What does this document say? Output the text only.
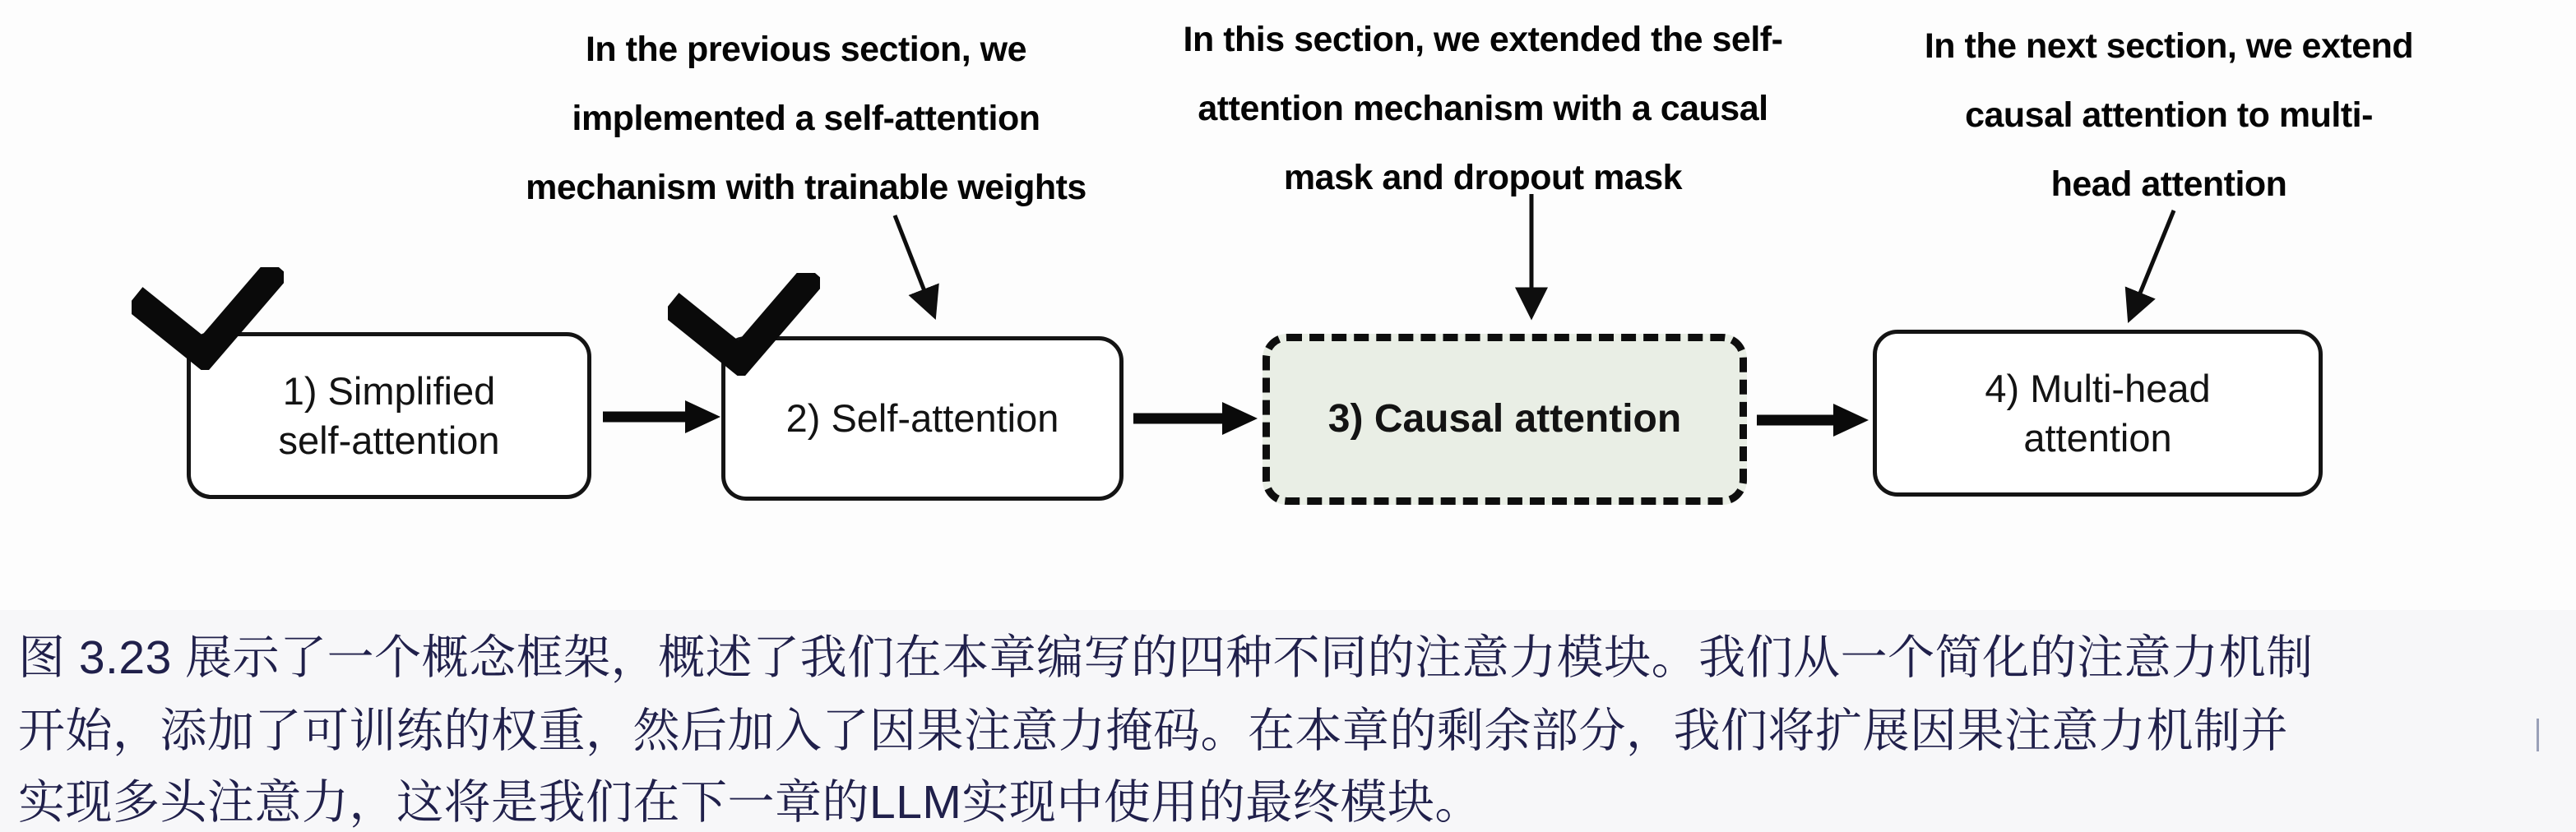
In the previous section, we
implemented a self-attention
mechanism with trainable weights
In this section, we extended the self-
attention mechanism with a causal
mask and dropout mask
In the next section, we extend
causal attention to multi-
head attention
1) Simplified
self-attention	2) Self-attention	3) Causal attention
4) Multi-head
attention
图 3.23 展示了一个概念框架，概述了我们在本章编写的四种不同的注意力模块。我们从一个简化的注意力机制
开始，添加了可训练的权重，然后加入了因果注意力掩码。在本章的剩余部分，我们将扩展因果注意力机制并
实现多头注意力，这将是我们在下一章的LLM实现中使用的最终模块。
